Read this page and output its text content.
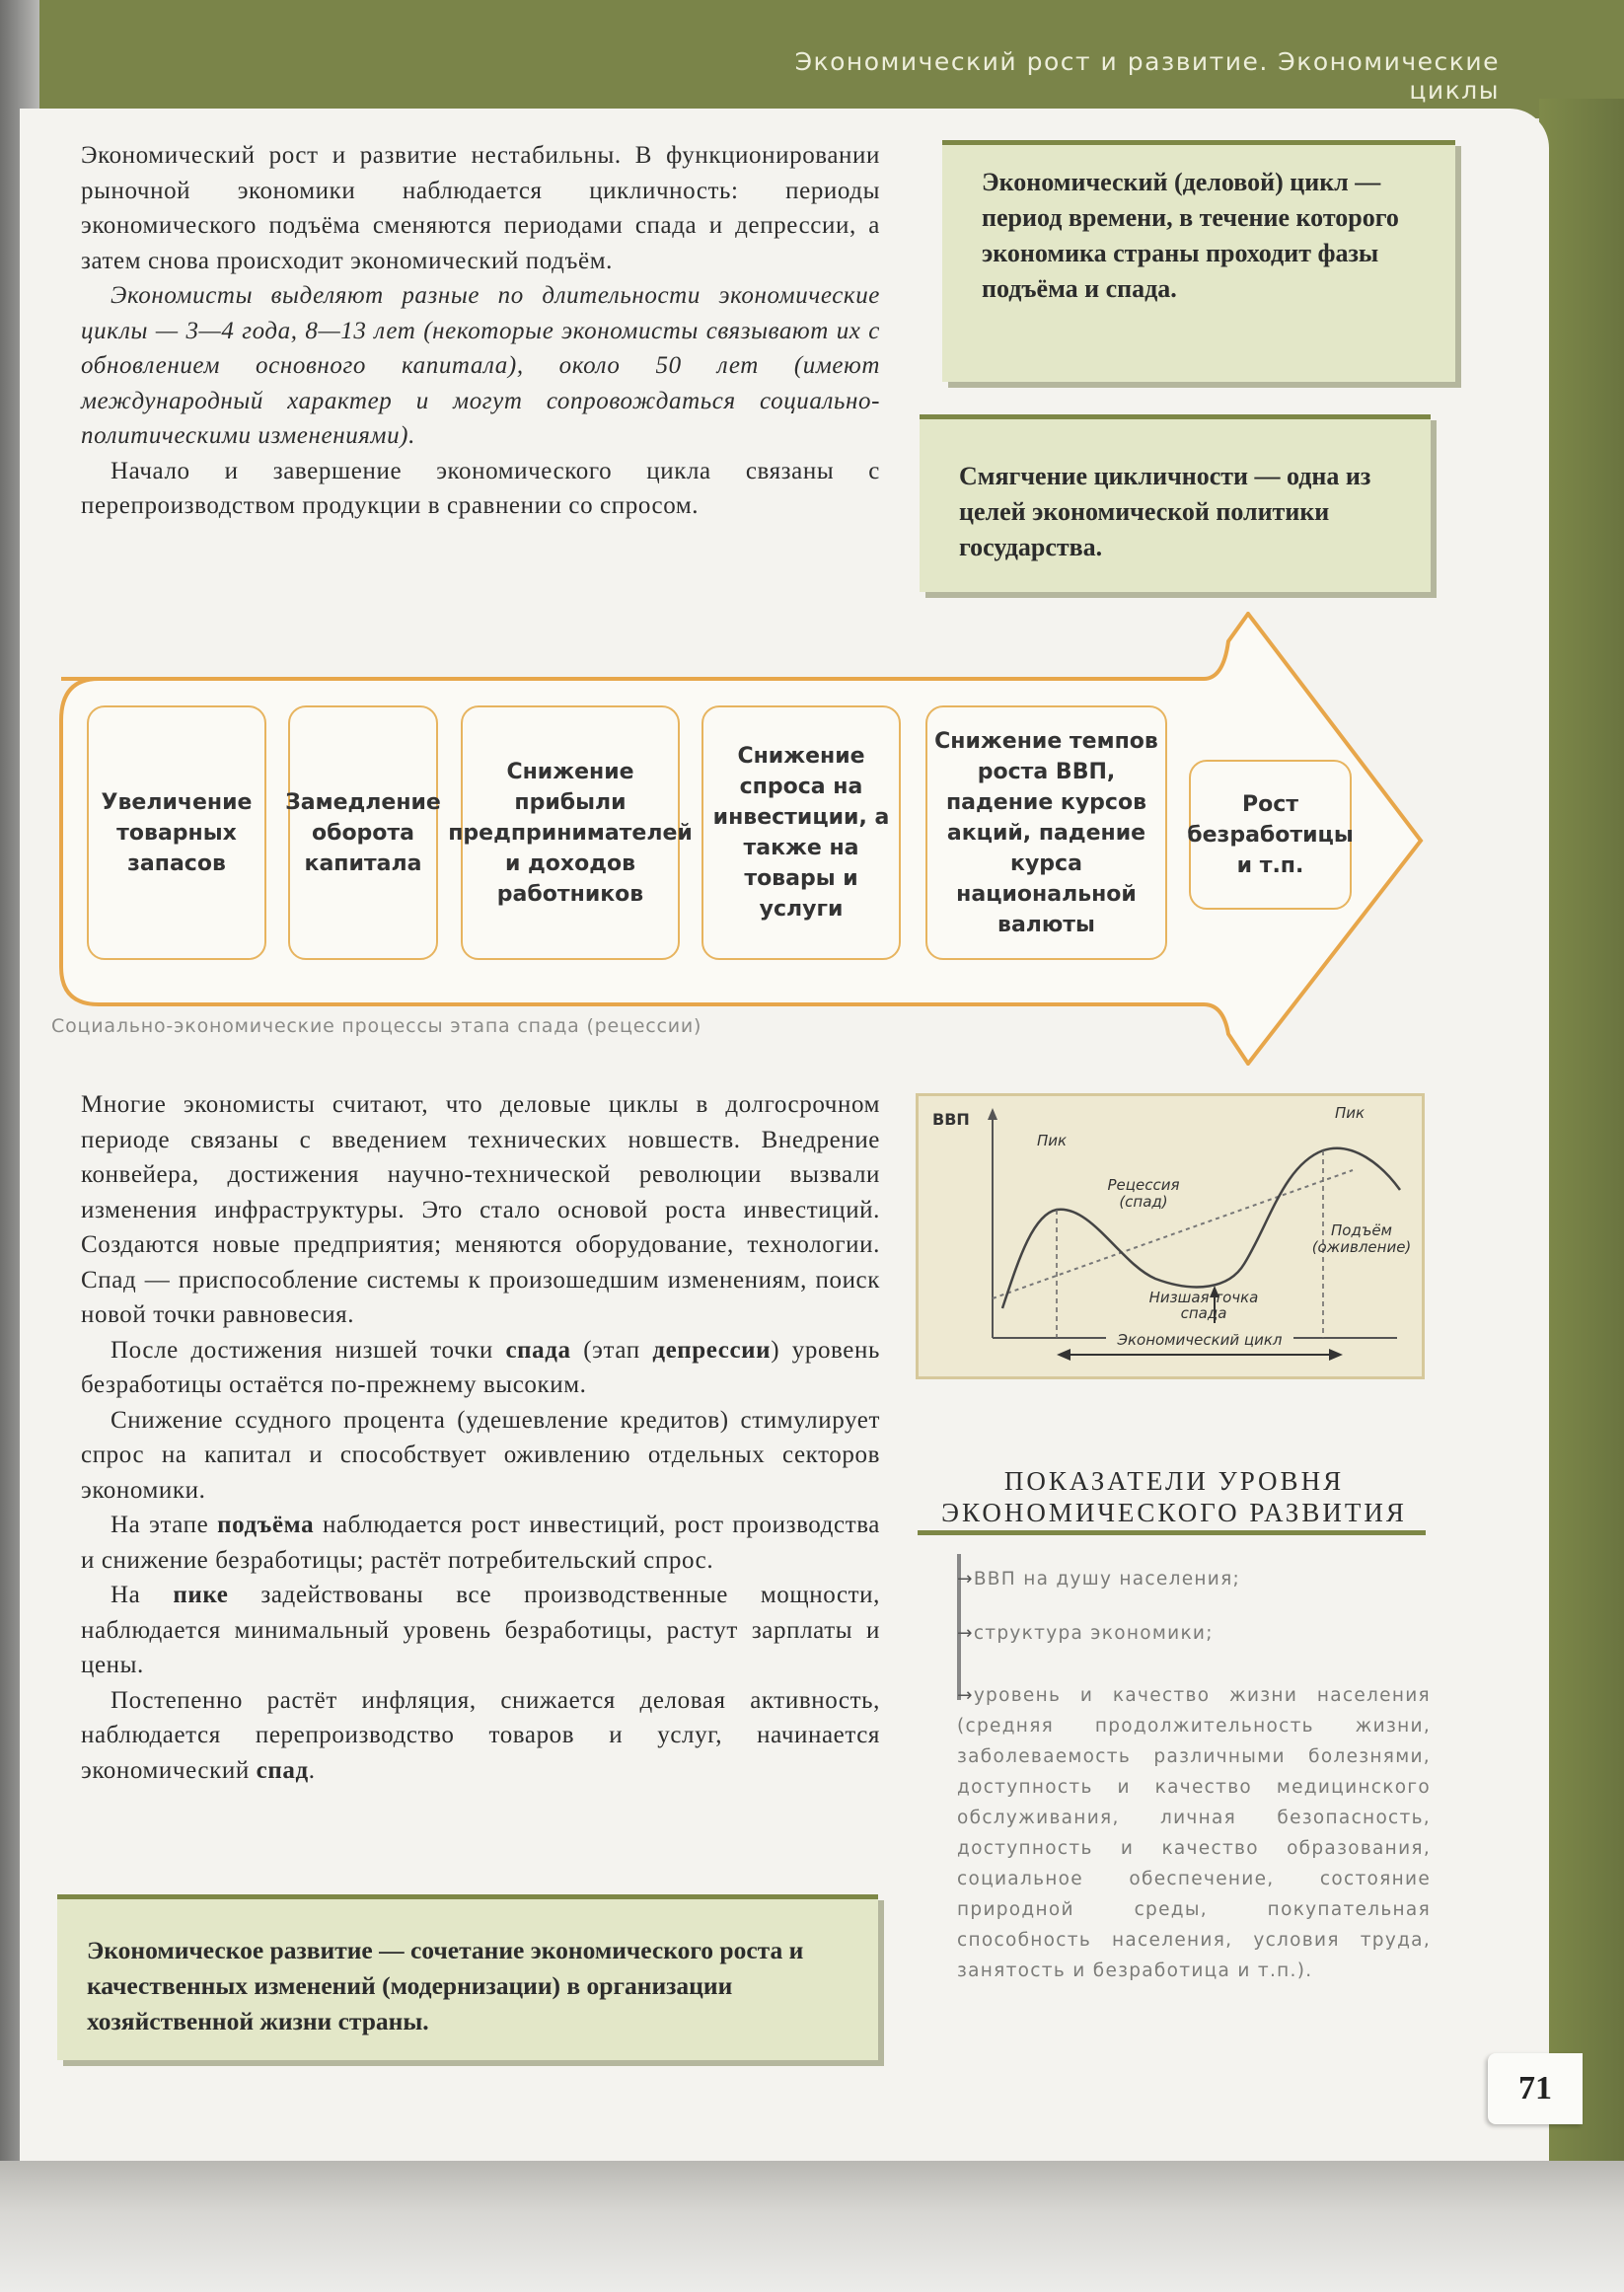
Экономический рост и развитие. Экономические циклы

Экономический рост и развитие нестабильны. В функционировании рыночной экономики наблюдается цикличность: периоды экономического подъёма сменяются периодами спада и депрессии, а затем снова происходит экономический подъём.

Экономисты выделяют разные по длительности экономические циклы — 3—4 года, 8—13 лет (некоторые экономисты связывают их с обновлением основного капитала), около 50 лет (имеют международный характер и могут сопровождаться социально-политическими изменениями).

Начало и завершение экономического цикла связаны с перепроизводством продукции в сравнении со спросом.

Экономический (деловой) цикл — период времени, в течение которого экономика страны проходит фазы подъёма и спада.
Смягчение цикличности — одна из целей экономической политики государства.
Увеличение товарных запасов
Замедление оборота капитала
Снижение прибыли предпринимателей и доходов работников
Снижение спроса на инвестиции, а также на товары и услуги
Снижение темпов роста ВВП, падение курсов акций, падение курса национальной валюты
Рост безработицы и т.п.
Социально-экономические процессы этапа спада (рецессии)

Многие экономисты считают, что деловые циклы в долгосрочном периоде связаны с введением технических новшеств. Внедрение конвейера, достижения научно-технической революции вызвали изменения инфраструктуры. Это стало основой роста инвестиций. Создаются новые предприятия; меняются оборудование, технологии. Спад — приспособление системы к произошедшим изменениям, поиск новой точки равновесия.

После достижения низшей точки спада (этап депрессии) уровень безработицы остаётся по-прежнему высоким.

Снижение ссудного процента (удешевление кредитов) стимулирует спрос на капитал и способствует оживлению отдельных секторов экономики.

На этапе подъёма наблюдается рост инвестиций, рост производства и снижение безработицы; растёт потребительский спрос.

На пике задействованы все производственные мощности, наблюдается минимальный уровень безработицы, растут зарплаты и цены.

Постепенно растёт инфляция, снижается деловая активность, наблюдается перепроизводство товаров и услуг, начинается экономический спад.

ВВП
Пик
Пик
Рецессия (спад)
Подъём (оживление)
Низшая точка спада
Экономический цикл
ПОКАЗАТЕЛИ УРОВНЯ ЭКОНОМИЧЕСКОГО РАЗВИТИЯ
→ВВП на душу населения;
→структура экономики;
→уровень и качество жизни населения (средняя продолжительность жизни, заболеваемость различными болезнями, доступность и качество медицинского обслуживания, личная безопасность, доступность и качество образования, социальное обеспечение, состояние природной среды, покупательная способность населения, условия труда, занятость и безработица и т.п.).
Экономическое развитие — сочетание экономического роста и качественных изменений (модернизации) в организации хозяйственной жизни страны.
71
